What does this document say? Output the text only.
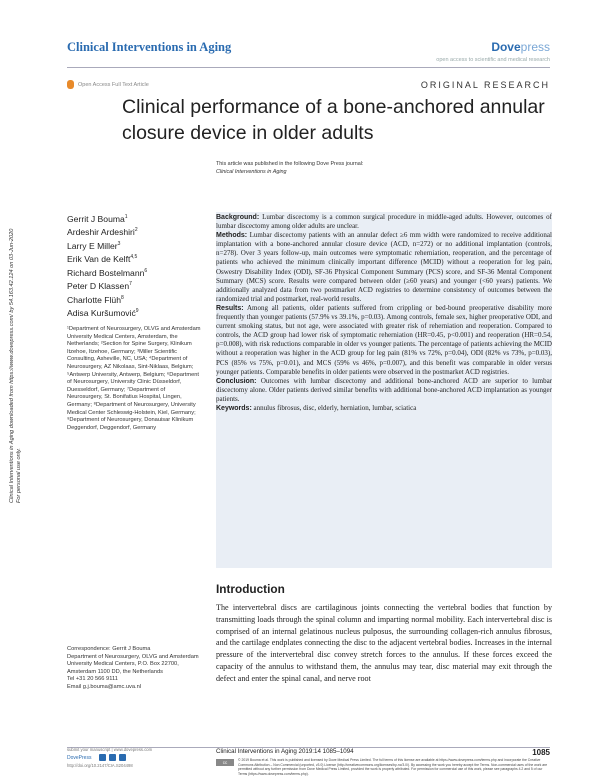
Clinical Interventions in Aging	Dovepress
open access to scientific and medical research
Open Access Full Text Article	ORIGINAL RESEARCH
Clinical performance of a bone-anchored annular closure device in older adults
This article was published in the following Dove Press journal:
Clinical Interventions in Aging
Clinical Interventions in Aging downloaded from https://www.dovepress.com/ by 54.163.42.124 on 03-Jun-2020 For personal use only.
Gerrit J Bouma$^1$
Ardeshir Ardeshiri$^2$
Larry E Miller$^3$
Erik Van de Kelft$^{4,5}$
Richard Bostelmann$^6$
Peter D Klassen$^7$
Charlotte Flüh$^8$
Adisa Kuršumović$^9$
¹Department of Neurosurgery, OLVG and Amsterdam University Medical Centers, Amsterdam, the Netherlands; ²Section for Spine Surgery, Klinikum Itzehoe, Itzehoe, Germany; ³Miller Scientific Consulting, Asheville, NC, USA; ⁴Department of Neurosurgery, AZ Nikolaas, Sint-Niklaas, Belgium; ⁵Antwerp University, Antwerp, Belgium; ⁶Department of Neurosurgery, University Clinic Düsseldorf, Duesseldorf, Germany; ⁷Department of Neurosurgery, St. Bonifatius Hospital, Lingen, Germany; ⁸Department of Neurosurgery, University Medical Center Schleswig-Holstein, Kiel, Germany; ⁹Department of Neurosurgery, Donauisar Klinikum Deggendorf, Deggendorf, Germany
Correspondence: Gerrit J Bouma
Department of Neurosurgery, OLVG and Amsterdam University Medical Centers, P.O. Box 22700, Amsterdam 1100 DD, the Netherlands
Tel +31 20 566 9111
Email g.j.bouma@amc.uva.nl

Background: Lumbar discectomy is a common surgical procedure in middle-aged adults. However, outcomes of lumbar discectomy among older adults are unclear.

Methods: Lumbar discectomy patients with an annular defect ≥6 mm width were randomized to receive additional implantation with a bone-anchored annular closure device (ACD, n=272) or no additional implantation (controls, n=278). Over 3 years follow-up, main outcomes were symptomatic reherniation, reoperation, and the percentage of patients who achieved the minimum clinically important difference (MCID) without a reoperation for leg pain, Oswestry Disability Index (ODI), SF-36 Physical Component Summary (PCS) score, and SF-36 Mental Component Summary (MCS) score. Results were compared between older (≥60 years) and younger (<60 years) patients. We additionally analyzed data from two postmarket ACD registries to determine consistency of outcomes between the randomized trial and postmarket, real-world results.

Results: Among all patients, older patients suffered from crippling or bed-bound preoperative disability more frequently than younger patients (57.9% vs 39.1%, p=0.03). Among controls, female sex, higher preoperative ODI, and current smoking status, but not age, were associated with greater risk of reherniation and reoperation. Compared to controls, the ACD group had lower risk of symptomatic reherniation (HR=0.45, p<0.001) and reoperation (HR=0.54, p=0.008), with risk reductions comparable in older vs younger patients. The percentage of patients achieving the MCID without a reoperation was higher in the ACD group for leg pain (81% vs 72%, p=0.04), ODI (82% vs 73%, p=0.03), PCS (85% vs 75%, p=0.01), and MCS (59% vs 46%, p=0.007), and this benefit was comparable in older versus younger patients. Comparable benefits in older patients were observed in the postmarket ACD registries.

Conclusion: Outcomes with lumbar discectomy and additional bone-anchored ACD are superior to lumbar discectomy alone. Older patients derived similar benefits with additional bone-anchored ACD implantation as younger patients.

Keywords: annulus fibrosus, disc, elderly, herniation, lumbar, sciatica

Introduction
The intervertebral discs are cartilaginous joints connecting the vertebral bodies that function by transmitting loads through the spinal column and imparting normal mobility. Each intervertebral disc is comprised of an internal gelatinous nucleus pulposus, the surrounding collagen-rich annulus fibrosus, and the cartilage endplates connecting the disc to the adjacent vertebral bodies. Increases in the internal pressure of the intervertebral disc convey stretch forces to the annulus. If these forces exceed the capacity of the annulus to withstand them, the annulus may tear, disc material may exit through the defect and enter the spinal canal, and nerve root
submit your manuscript | www.dovepress.com
DovePress
http://doi.org/10.2147/CIA.S204498
Clinical Interventions in Aging 2019:14 1085–1094	1085
cc	© 2019 Bouma et al. This work is published and licensed by Dove Medical Press Limited. The full terms of this license are available at https://www.dovepress.com/terms.php and incorporate the Creative Commons Attribution – Non Commercial (unported, v3.0) License (http://creativecommons.org/licenses/by-nc/3.0/). By accessing the work you hereby accept the Terms. Non-commercial uses of the work are permitted without any further permission from Dove Medical Press Limited, provided the work is properly attributed. For permission for commercial use of this work, please see paragraphs 4.2 and 5 of our Terms (https://www.dovepress.com/terms.php).
